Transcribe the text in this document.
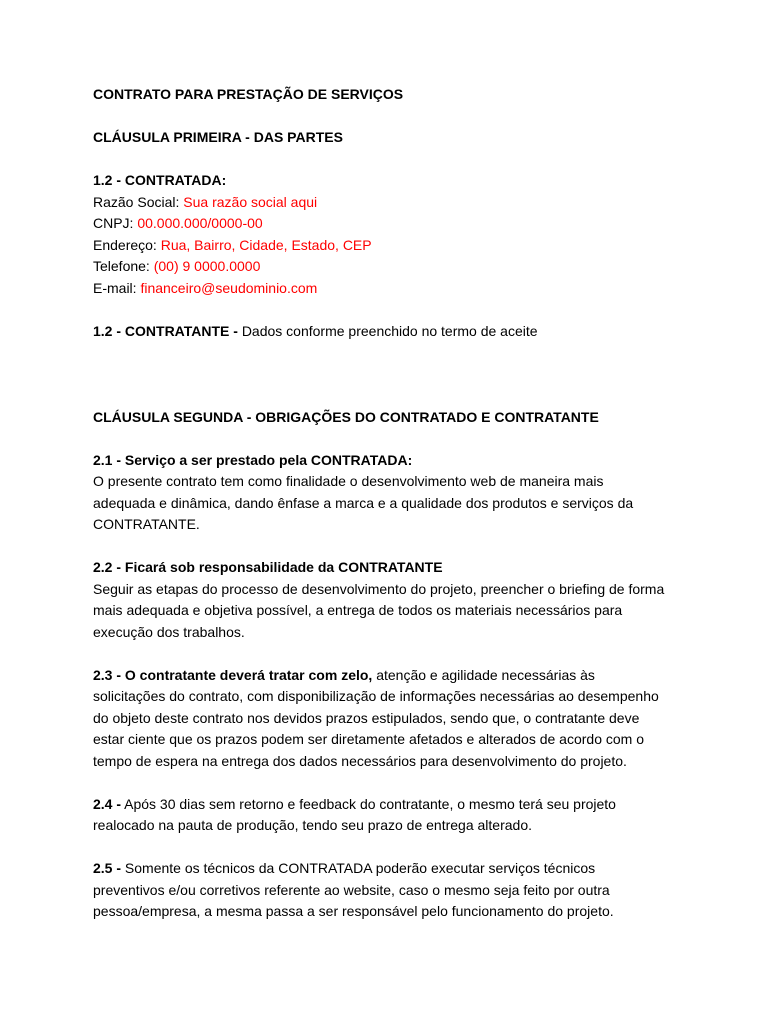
CONTRATO PARA PRESTAÇÃO DE SERVIÇOS
CLÁUSULA PRIMEIRA - DAS PARTES
1.2 - CONTRATADA:
Razão Social: Sua razão social aqui
CNPJ: 00.000.000/0000-00
Endereço: Rua, Bairro, Cidade, Estado, CEP
Telefone: (00) 9 0000.0000
E-mail: financeiro@seudominio.com
1.2 - CONTRATANTE - Dados conforme preenchido no termo de aceite
CLÁUSULA SEGUNDA - OBRIGAÇÕES DO CONTRATADO E CONTRATANTE
2.1 - Serviço a ser prestado pela CONTRATADA:
O presente contrato tem como finalidade o desenvolvimento web de maneira mais
adequada e dinâmica, dando ênfase a marca e a qualidade dos produtos e serviços da
CONTRATANTE.
2.2 - Ficará sob responsabilidade da CONTRATANTE
Seguir as etapas do processo de desenvolvimento do projeto, preencher o briefing de forma
mais adequada e objetiva possível, a entrega de todos os materiais necessários para
execução dos trabalhos.
2.3 - O contratante deverá tratar com zelo, atenção e agilidade necessárias às
solicitações do contrato, com disponibilização de informações necessárias ao desempenho
do objeto deste contrato nos devidos prazos estipulados, sendo que, o contratante deve
estar ciente que os prazos podem ser diretamente afetados e alterados de acordo com o
tempo de espera na entrega dos dados necessários para desenvolvimento do projeto.
2.4 - Após 30 dias sem retorno e feedback do contratante, o mesmo terá seu projeto
realocado na pauta de produção, tendo seu prazo de entrega alterado.
2.5 - Somente os técnicos da CONTRATADA poderão executar serviços técnicos
preventivos e/ou corretivos referente ao website, caso o mesmo seja feito por outra
pessoa/empresa, a mesma passa a ser responsável pelo funcionamento do projeto.
